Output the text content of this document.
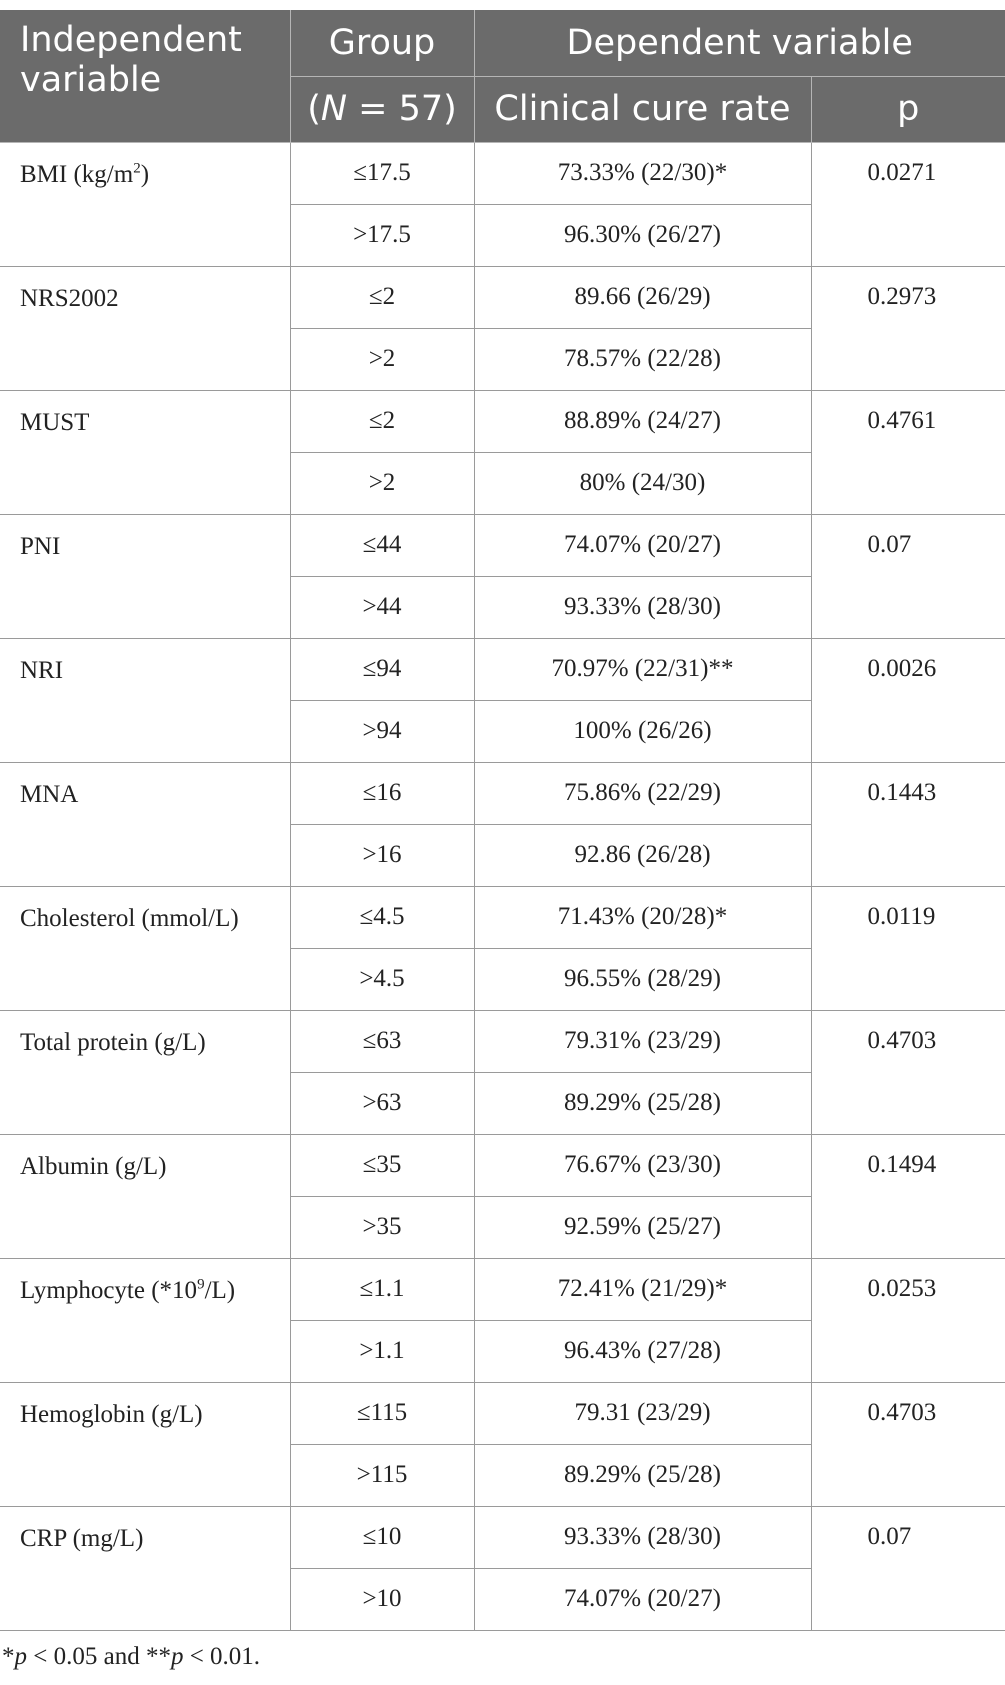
Independent variable	Group	Dependent variable	
	(N = 57)	Clinical cure rate	p
BMI $(kg/m^2)$	≤17.5	73.33% (22/30)*	0.0271
	>17.5	96.30% (26/27)	
NRS2002	≤2	89.66 (26/29)	0.2973
	>2	78.57% (22/28)	
MUST	≤2	88.89% (24/27)	0.4761
	>2	80% (24/30)	
PNI	≤44	74.07% (20/27)	0.07
	>44	93.33% (28/30)	
NRI	≤94	70.97% (22/31)**	0.0026
	>94	100% (26/26)	
MNA	≤16	75.86% (22/29)	0.1443
	>16	92.86 (26/28)	
Cholesterol (mmol/L)	≤4.5	71.43% (20/28)*	0.0119
	>4.5	96.55% (28/29)	
Total protein (g/L)	≤63	79.31% (23/29)	0.4703
	>63	89.29% (25/28)	
Albumin (g/L)	≤35	76.67% (23/30)	0.1494
	>35	92.59% (25/27)	
Lymphocyte $(*10^9/L)$	≤1.1	72.41% (21/29)*	0.0253
	>1.1	96.43% (27/28)	
Hemoglobin (g/L)	≤115	79.31 (23/29)	0.4703
	>115	89.29% (25/28)	
CRP (mg/L)	≤10	93.33% (28/30)	0.07
	>10	74.07% (20/27)	
*p < 0.05 and **p < 0.01.
